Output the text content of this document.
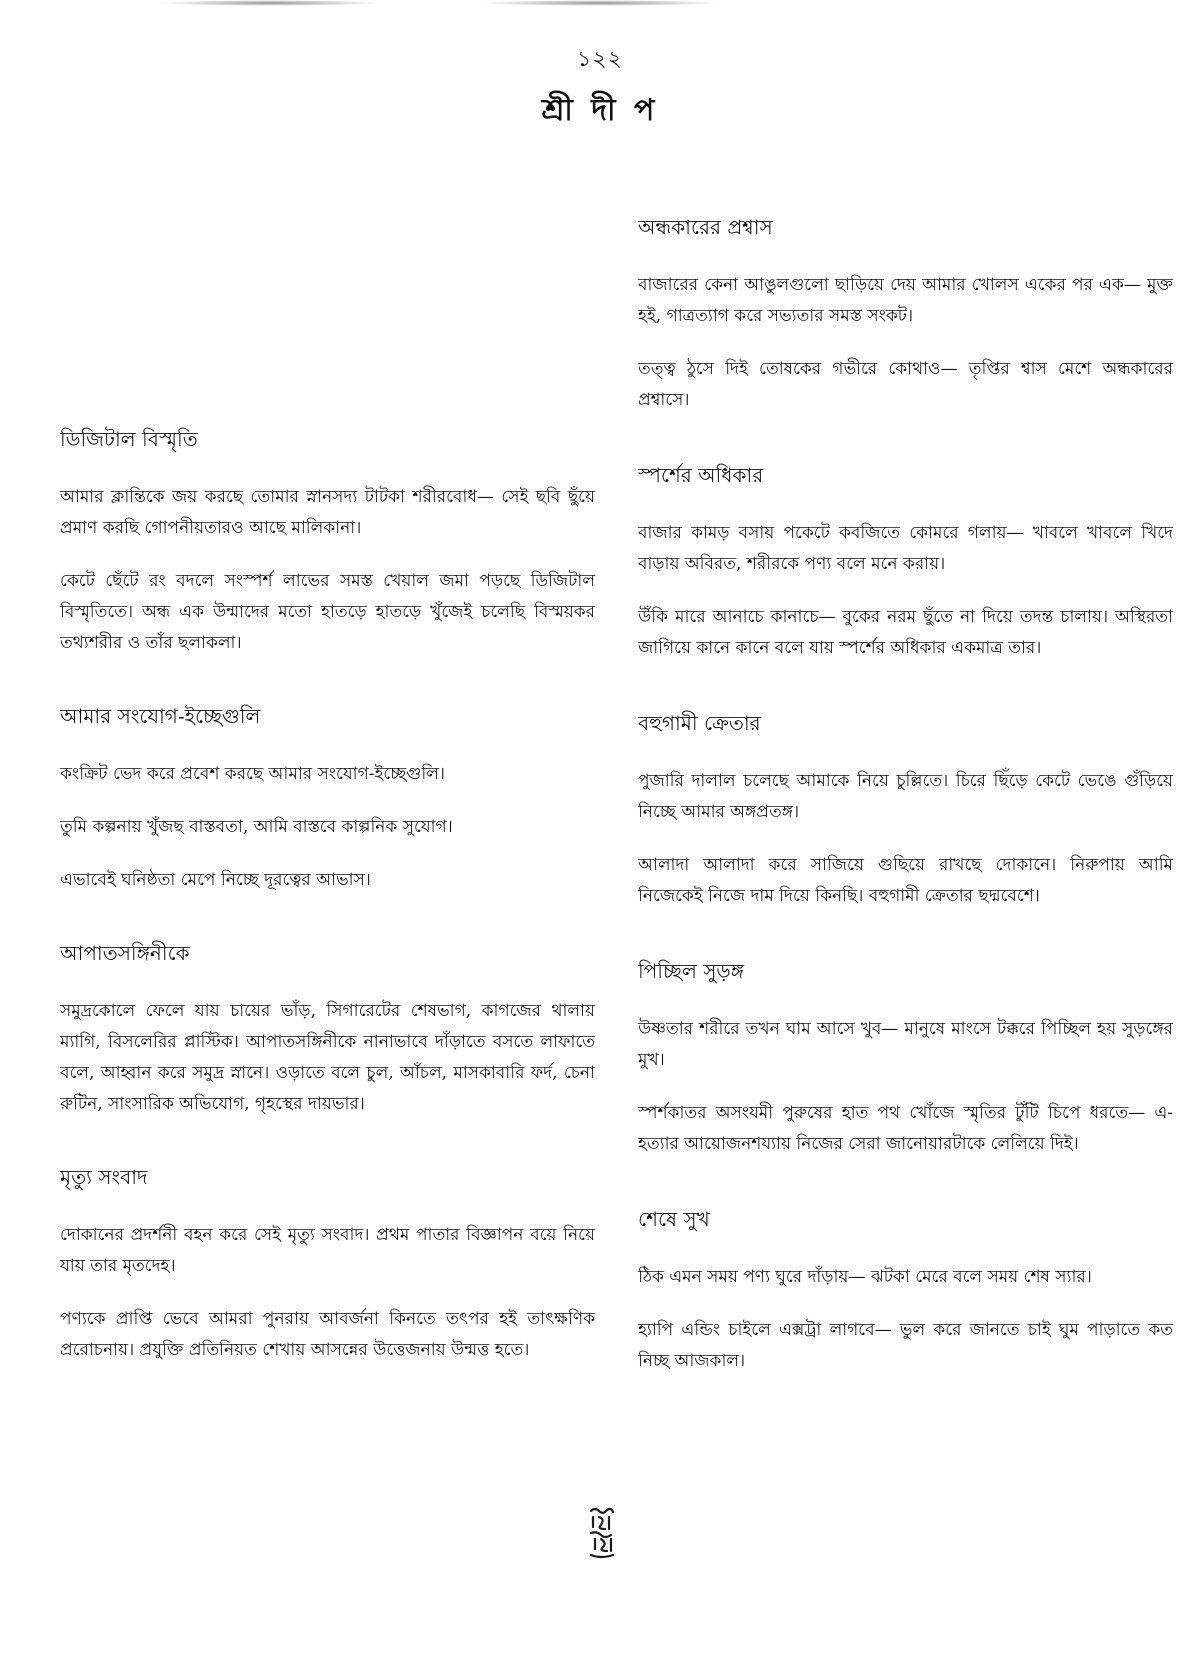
১২২
শ্রী দী প
ডিজিটাল বিস্মৃতি

আমার ক্লান্তিকে জয় করছে তোমার স্নানসদ্য টাটকা শরীরবোধ— সেই ছবি ছুঁয়ে প্রমাণ করছি গোপনীয়তারও আছে মালিকানা।

কেটে ছেঁটে রং বদলে সংস্পর্শ লাভের সমস্ত খেয়াল জমা পড়ছে ডিজিটাল বিস্মৃতিতে। অন্ধ এক উন্মাদের মতো হাতড়ে হাতড়ে খুঁজেই চলেছি বিস্ময়কর তথ্যশরীর ও তাঁর ছলাকলা।

আমার সংযোগ-ইচ্ছেগুলি

কংক্রিট ভেদ করে প্রবেশ করছে আমার সংযোগ-ইচ্ছেগুলি।

তুমি কল্পনায় খুঁজছ বাস্তবতা, আমি বাস্তবে কাল্পনিক সুযোগ।

এভাবেই ঘনিষ্ঠতা মেপে নিচ্ছে দূরত্বের আভাস।

আপাতসঙ্গিনীকে

সমুদ্রকোলে ফেলে যায় চায়ের ভাঁড়, সিগারেটের শেষভাগ, কাগজের থালায় ম্যাগি, বিসলেরির প্লাস্টিক। আপাতসঙ্গিনীকে নানাভাবে দাঁড়াতে বসতে লাফাতে বলে, আহ্বান করে সমুদ্র স্নানে। ওড়াতে বলে চুল, আঁচল, মাসকাবারি ফর্দ, চেনা রুটিন, সাংসারিক অভিযোগ, গৃহস্থের দায়ভার।

মৃত্যু সংবাদ

দোকানের প্রদর্শনী বহন করে সেই মৃত্যু সংবাদ। প্রথম পাতার বিজ্ঞাপন বয়ে নিয়ে যায় তার মৃতদেহ।

পণ্যকে প্রাপ্তি ভেবে আমরা পুনরায় আবর্জনা কিনতে তৎপর হই তাৎক্ষণিক প্ররোচনায়। প্রযুক্তি প্রতিনিয়ত শেখায় আসন্নের উত্তেজনায় উন্মত্ত হতে।

অন্ধকারের প্রশ্বাস

বাজারের কেনা আঙুলগুলো ছাড়িয়ে দেয় আমার খোলস একের পর এক— মুক্ত হই, গাত্রত্যাগ করে সভ্যতার সমস্ত সংকট।

তত্ত্ব ঠুসে দিই তোষকের গভীরে কোথাও— তৃপ্তির শ্বাস মেশে অন্ধকারের প্রশ্বাসে।

স্পর্শের অধিকার

বাজার কামড় বসায় পকেটে কবজিতে কোমরে গলায়— খাবলে খাবলে খিদে বাড়ায় অবিরত, শরীরকে পণ্য বলে মনে করায়।

উঁকি মারে আনাচে কানাচে— বুকের নরম ছুঁতে না দিয়ে তদন্ত চালায়। অস্থিরতা জাগিয়ে কানে কানে বলে যায় স্পর্শের অধিকার একমাত্র তার।

বহুগামী ক্রেতার

পুজারি দালাল চলেছে আমাকে নিয়ে চুল্লিতে। চিরে ছিঁড়ে কেটে ভেঙে গুঁড়িয়ে নিচ্ছে আমার অঙ্গপ্রতঙ্গ।

আলাদা আলাদা করে সাজিয়ে গুছিয়ে রাখছে দোকানে। নিরুপায় আমি নিজেকেই নিজে দাম দিয়ে কিনছি। বহুগামী ক্রেতার ছদ্মবেশে।

পিচ্ছিল সুড়ঙ্গ

উষ্ণতার শরীরে তখন ঘাম আসে খুব— মানুষে মাংসে টক্করে পিচ্ছিল হয় সুড়ঙ্গের মুখ।

স্পর্শকাতর অসংযমী পুরুষের হাত পথ খোঁজে স্মৃতির টুঁটি চিপে ধরতে— এ-হত্যার আয়োজনশয্যায় নিজের সেরা জানোয়ারটাকে লেলিয়ে দিই।

শেষে সুখ

ঠিক এমন সময় পণ্য ঘুরে দাঁড়ায়— ঝটকা মেরে বলে সময় শেষ স্যার।

হ্যাপি এন্ডিং চাইলে এক্সট্রা লাগবে— ভুল করে জানতে চাই ঘুম পাড়াতে কত নিচ্ছ আজকাল।
